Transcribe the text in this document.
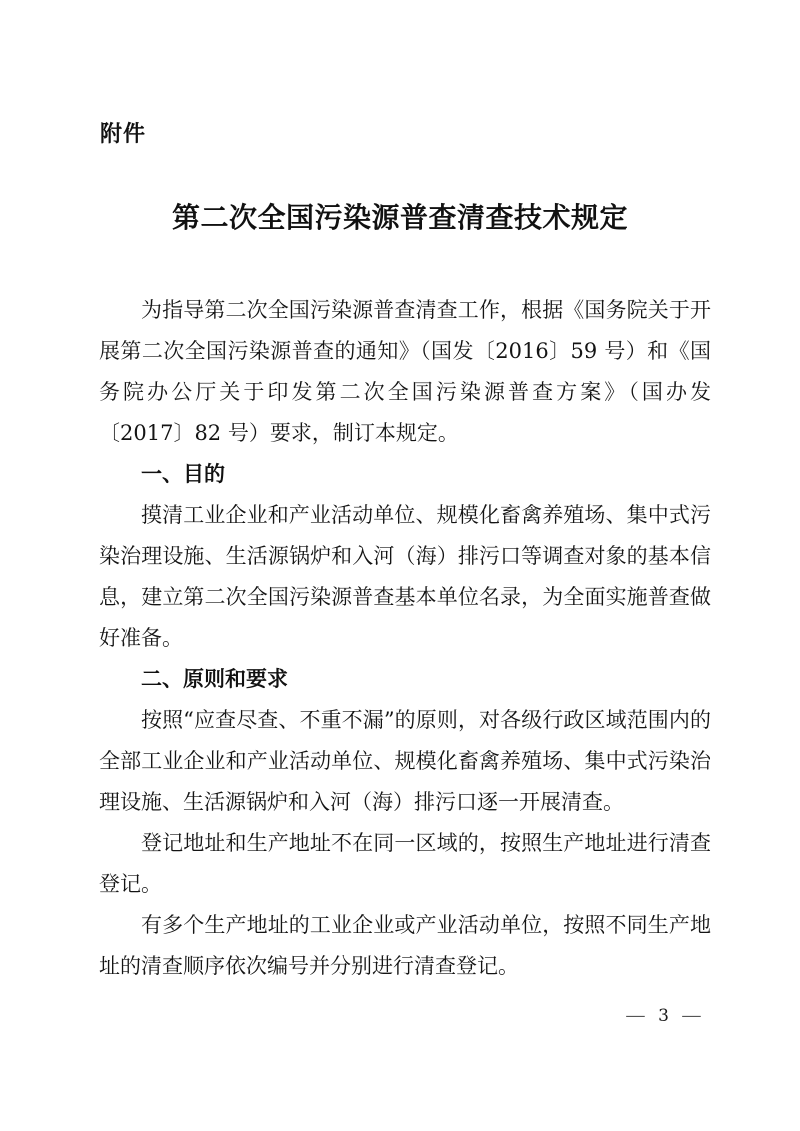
附件
第二次全国污染源普查清查技术规定

为指导第二次全国污染源普查清查工作，根据《国务院关于开展第二次全国污染源普查的通知》（国发〔2016〕59 号）和《国务院办公厅关于印发第二次全国污染源普查方案》（国办发〔2017〕82 号）要求，制订本规定。

一、目的

摸清工业企业和产业活动单位、规模化畜禽养殖场、集中式污染治理设施、生活源锅炉和入河（海）排污口等调查对象的基本信息，建立第二次全国污染源普查基本单位名录，为全面实施普查做好准备。

二、原则和要求

按照“应查尽查、不重不漏”的原则，对各级行政区域范围内的全部工业企业和产业活动单位、规模化畜禽养殖场、集中式污染治理设施、生活源锅炉和入河（海）排污口逐一开展清查。

登记地址和生产地址不在同一区域的，按照生产地址进行清查登记。

有多个生产地址的工业企业或产业活动单位，按照不同生产地址的清查顺序依次编号并分别进行清查登记。

— 3 —
